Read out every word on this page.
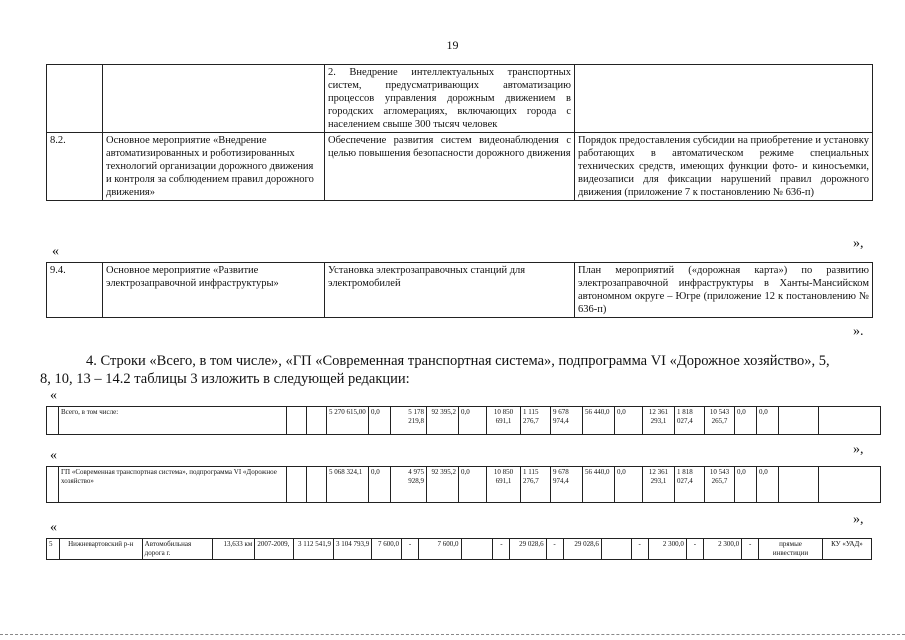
19
		2. Внедрение интеллектуальных транспортных систем, предусматривающих автоматизацию процессов управления дорожным движением в городских агломерациях, включающих города с населением свыше 300 тысяч человек	
8.2.	Основное мероприятие «Внедрение автоматизированных и роботизированных технологий организации дорожного движения и контроля за соблюдением правил дорожного движения»	Обеспечение развития систем видеонаблюдения с целью повышения безопасности дорожного движения	Порядок предоставления субсидии на приобретение и установку работающих в автоматическом режиме специальных технических средств, имеющих функции фото- и киносъемки, видеозаписи для фиксации нарушений правил дорожного движения (приложение 7 к постановлению № 636-п)
»,
«
9.4.	Основное мероприятие «Развитие электрозаправочной инфраструктуры»	Установка электрозаправочных станций для электромобилей	План мероприятий («дорожная карта») по развитию электрозаправочной инфраструктуры в Ханты-Мансийском автономном округе – Югре (приложение 12 к постановлению № 636-п)
».
4. Строки «Всего, в том числе», «ГП «Современная транспортная система», подпрограмма VI «Дорожное хозяйство», 5,
8, 10, 13 – 14.2 таблицы 3 изложить в следующей редакции:
«
	Всего, в том числе:			5 270 615,00	0,0	5 178 219,8	92 395,2	0,0	10 850 691,1	1 115 276,7	9 678 974,4	56 440,0	0,0	12 361 293,1	1 818 027,4	10 543 265,7	0,0	0,0		
»,
«
	ГП «Современная транспортная система», подпрограмма VI «Дорожное хозяйство»			5 068 324,1	0,0	4 975 928,9	92 395,2	0,0	10 850 691,1	1 115 276,7	9 678 974,4	56 440,0	0,0	12 361 293,1	1 818 027,4	10 543 265,7	0,0	0,0		
»,
«
5	Нижневартовский р-н	Автомобильная дорога г.	13,633 км	2007-2009,	3 112 541,9	3 104 793,9	7 600,0	-	7 600,0		-	29 028,6	-	29 028,6		-	2 300,0	-	2 300,0	-	прямые инвестиции	КУ «УАД»
